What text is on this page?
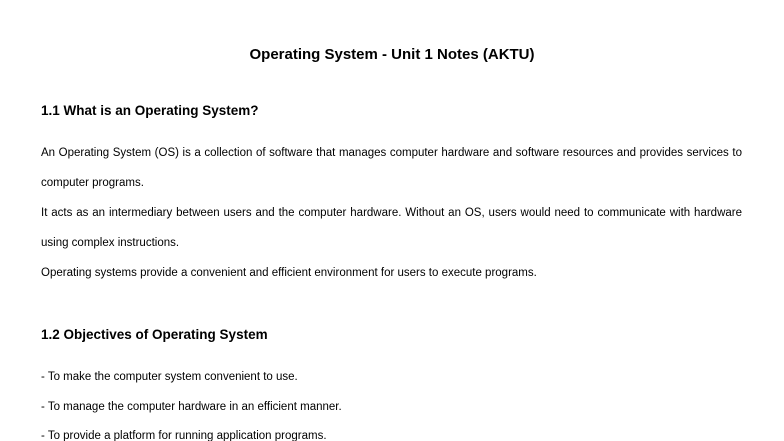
Operating System - Unit 1 Notes (AKTU)
1.1 What is an Operating System?

An Operating System (OS) is a collection of software that manages computer hardware and software resources and provides services to computer programs.

It acts as an intermediary between users and the computer hardware. Without an OS, users would need to communicate with hardware using complex instructions.

Operating systems provide a convenient and efficient environment for users to execute programs.

1.2 Objectives of Operating System
- To make the computer system convenient to use.
- To manage the computer hardware in an efficient manner.
- To provide a platform for running application programs.
